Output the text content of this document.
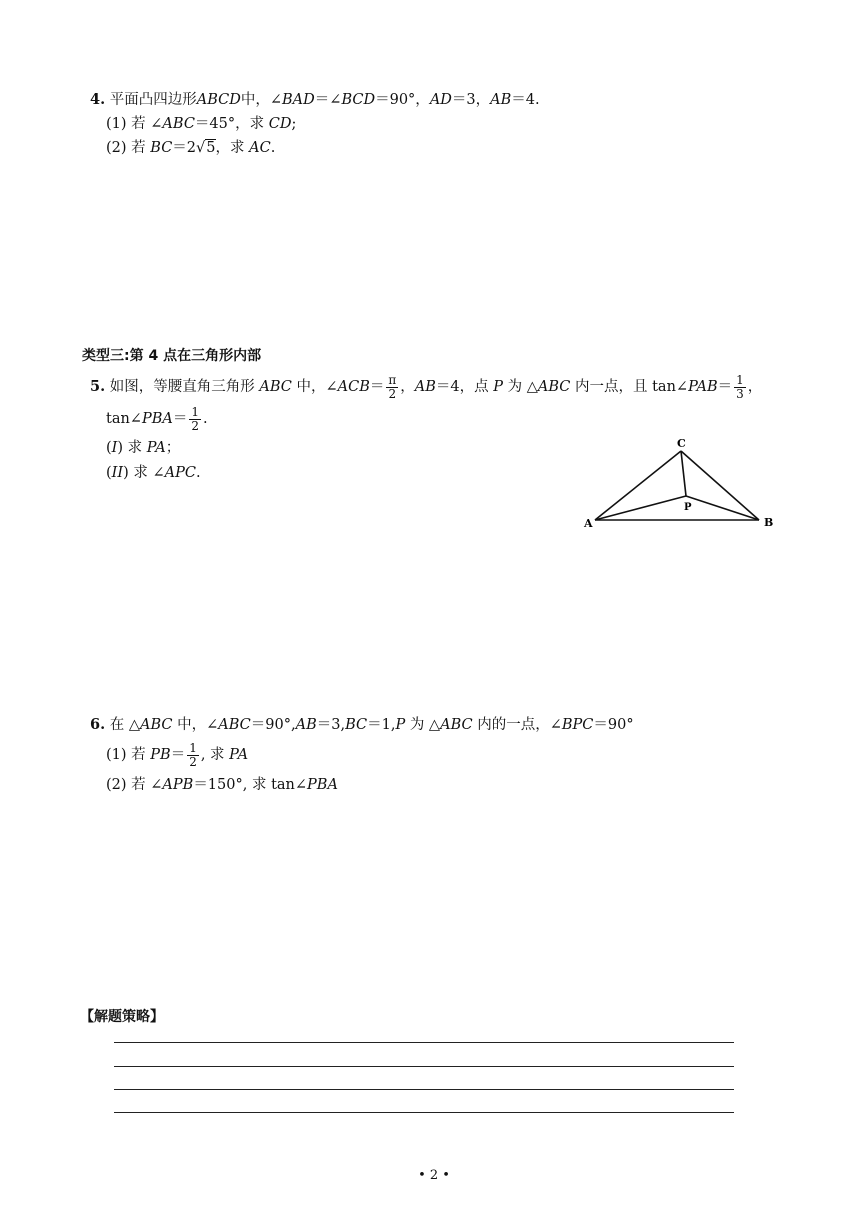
4. 平面凸四边形ABCD中，∠BAD＝∠BCD＝90°，AD＝3，AB＝4.
(1) 若 ∠ABC＝45°，求 CD;
(2) 若 BC＝2√5，求 AC.
类型三:第 4 点在三角形内部
5. 如图，等腰直角三角形 ABC 中，∠ACB＝ $\frac{\pi}{2}$ ，AB＝4，点 P 为 △ABC 内一点，且 tan∠PAB＝ $\frac{1}{3}$ ，
tan∠PBA＝ $\frac{1}{2}$ .
(I) 求 PA；
(II) 求 ∠APC.
C
P
A	B
6. 在 △ABC 中，∠ABC＝90°,AB＝3,BC＝1,P 为 △ABC 内的一点，∠BPC＝90°
(1) 若 $PB= \frac{1}{2}$ , 求 PA
(2) 若 ∠APB＝150°, 求 tan∠PBA
【解题策略】
• 2 •
